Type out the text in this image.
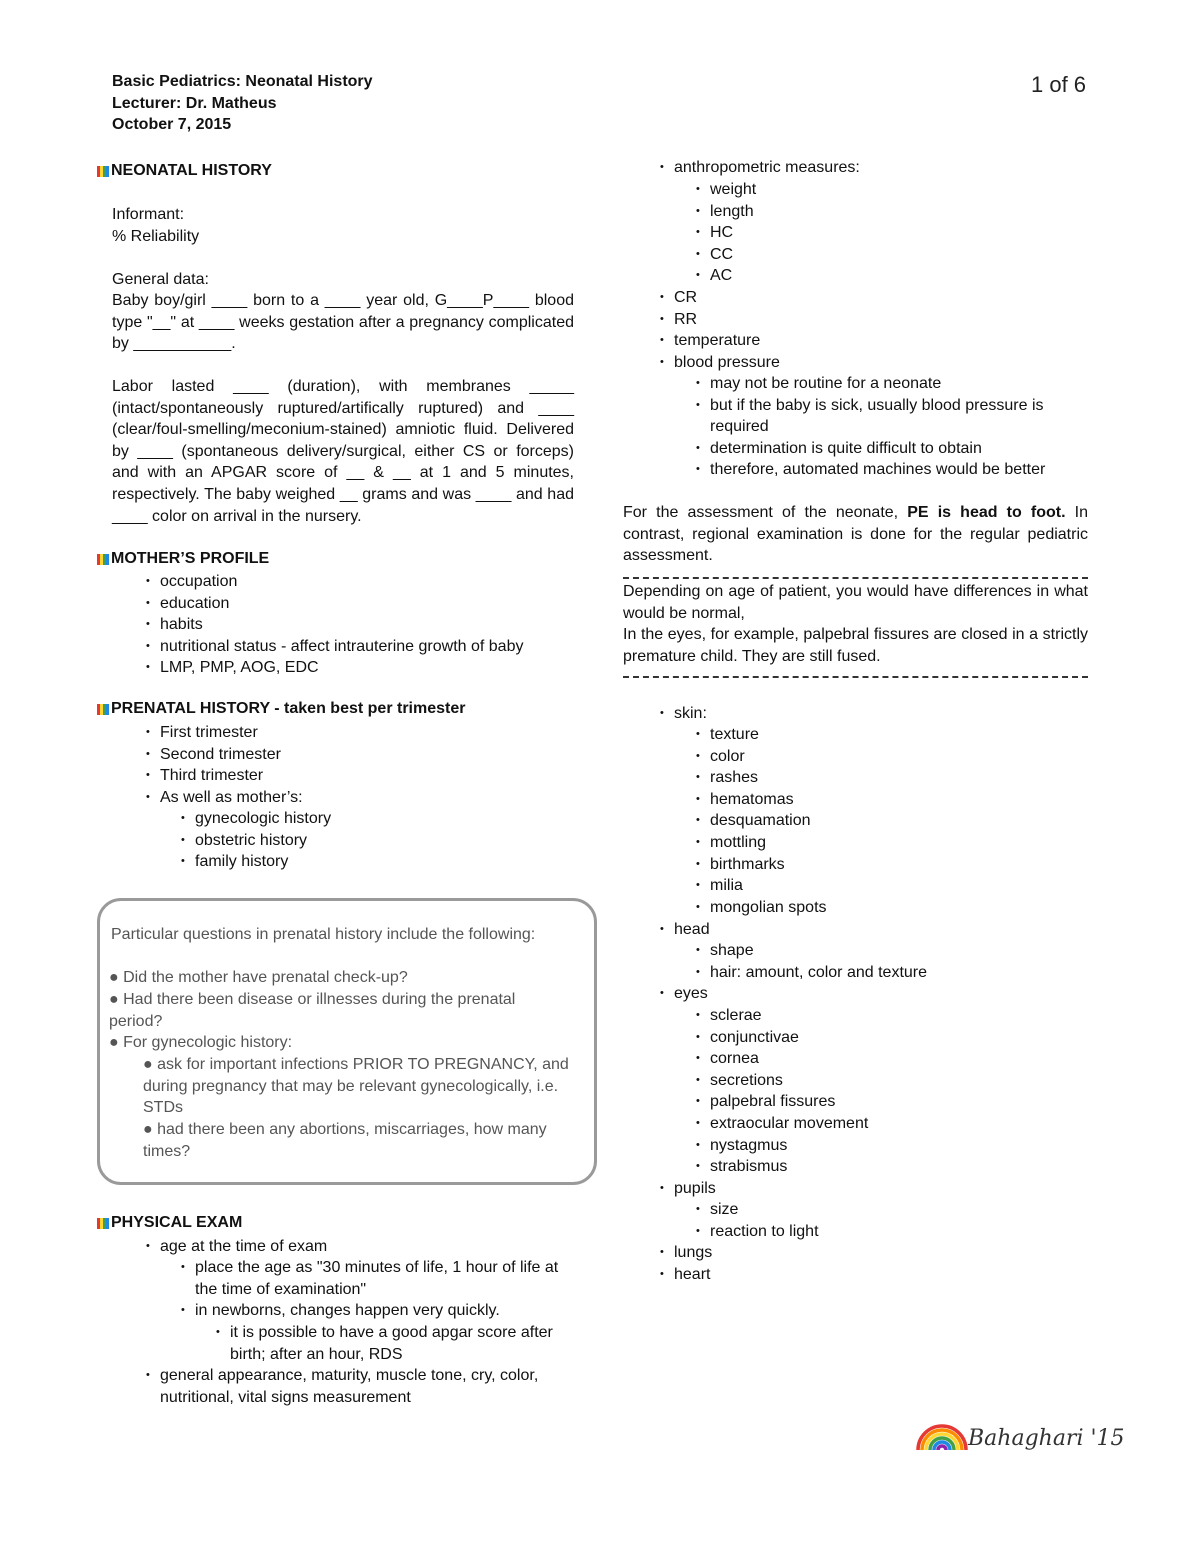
Basic Pediatrics: Neonatal History
Lecturer: Dr. Matheus
October 7, 2015
1 of 6
NEONATAL HISTORY
Informant:
% Reliability
General data:
Baby boy/girl ____ born to a ____ year old, G____P____ blood type "__" at ____ weeks gestation after a pregnancy complicated by ___________.
Labor lasted ____ (duration), with membranes _____ (intact/spontaneously ruptured/artifically ruptured) and ____ (clear/foul-smelling/meconium-stained) amniotic fluid. Delivered by ____ (spontaneous delivery/surgical, either CS or forceps) and with an APGAR score of __ & __ at 1 and 5 minutes, respectively. The baby weighed __ grams and was ____ and had ____ color on arrival in the nursery.
MOTHER’S PROFILE
• occupation
• education
• habits
• nutritional status - affect intrauterine growth of baby
• LMP, PMP, AOG, EDC
PRENATAL HISTORY - taken best per trimester
• First trimester
• Second trimester
• Third trimester
• As well as mother’s:
• gynecologic history
• obstetric history
• family history
Particular questions in prenatal history include the following:
● Did the mother have prenatal check-up?
● Had there been disease or illnesses during the prenatal period?
● For gynecologic history:
● ask for important infections PRIOR TO PREGNANCY, and during pregnancy that may be relevant gynecologically, i.e. STDs
● had there been any abortions, miscarriages, how many times?
PHYSICAL EXAM
• age at the time of exam
• place the age as "30 minutes of life, 1 hour of life at the time of examination"
• in newborns, changes happen very quickly.
• it is possible to have a good apgar score after birth; after an hour, RDS
• general appearance, maturity, muscle tone, cry, color, nutritional, vital signs measurement
• anthropometric measures:
• weight
• length
• HC
• CC
• AC
• CR
• RR
• temperature
• blood pressure
• may not be routine for a neonate
• but if the baby is sick, usually blood pressure is required
• determination is quite difficult to obtain
• therefore, automated machines would be better
For the assessment of the neonate, PE is head to foot. In contrast, regional examination is done for the regular pediatric assessment.
Depending on age of patient, you would have differences in what would be normal,
In the eyes, for example, palpebral fissures are closed in a strictly premature child. They are still fused.
• skin:
• texture
• color
• rashes
• hematomas
• desquamation
• mottling
• birthmarks
• milia
• mongolian spots
• head
• shape
• hair: amount, color and texture
• eyes
• sclerae
• conjunctivae
• cornea
• secretions
• palpebral fissures
• extraocular movement
• nystagmus
• strabismus
• pupils
• size
• reaction to light
• lungs
• heart
Bahaghari '15
